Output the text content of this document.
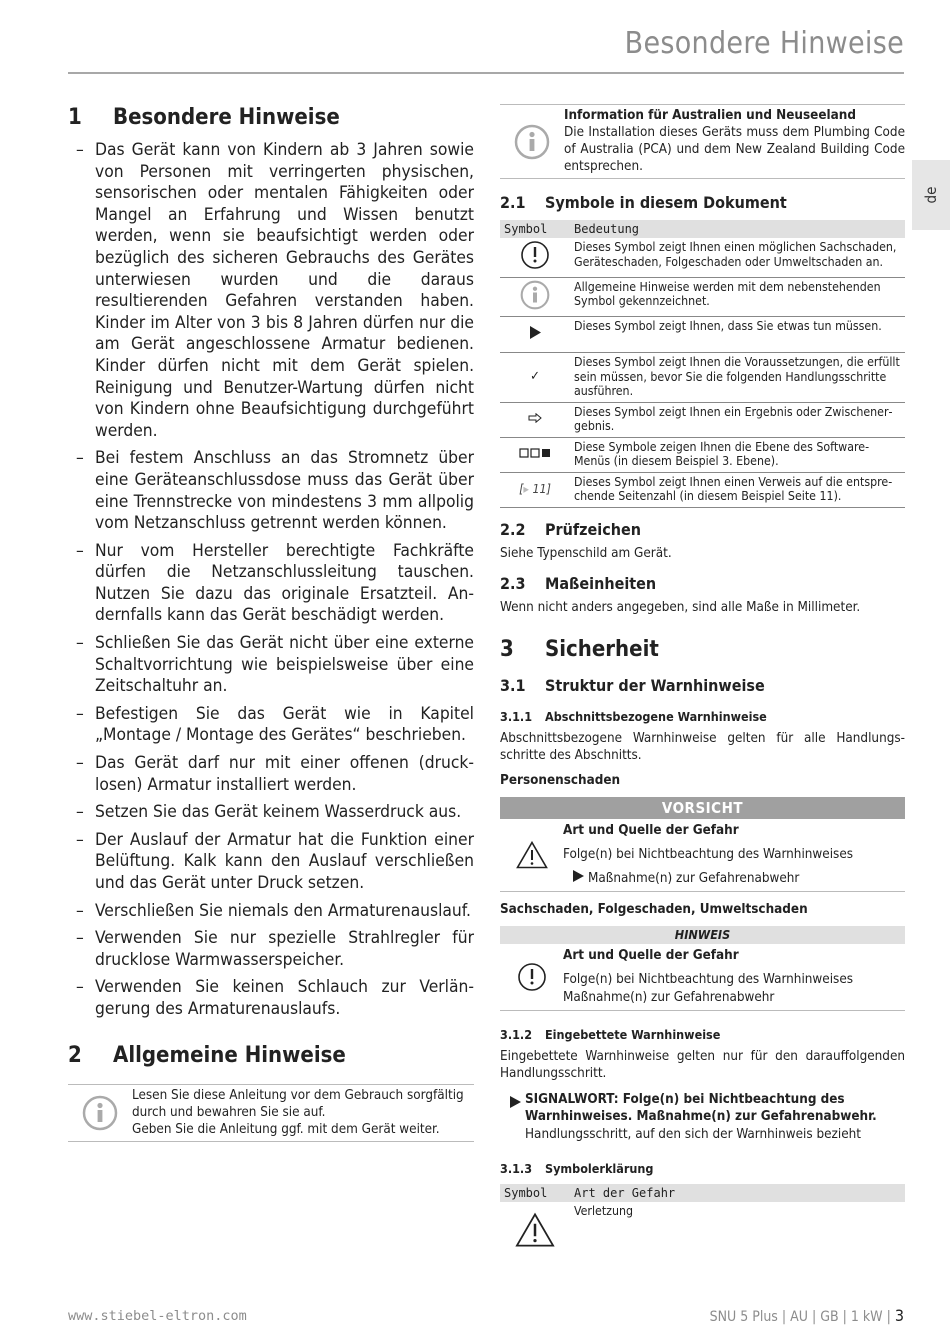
Besondere Hinweise
de
1	Besondere Hinweise
– Das Gerät kann von Kindern ab 3 Jahren sowie von Personen mit verringerten physischen, sensorischen oder mentalen Fähigkeiten oder Mangel an Erfahrung und Wissen benutzt werden, wenn sie beaufsichtigt werden oder bezüglich des sicheren Gebrauchs des Gerätes unterwiesen wurden und die daraus resultierenden Gefahren verstanden haben. Kinder im Alter von 3 bis 8 Jahren dürfen nur die am Gerät angeschlossene Armatur bedienen. Kinder dürfen nicht mit dem Gerät spielen. Reinigung und Benutzer-Wartung dürfen nicht von Kindern ohne Beaufsichtigung durchgeführt werden.
– Bei festem Anschluss an das Stromnetz über eine Geräteanschlussdose muss das Gerät über eine Trennstrecke von mindestens 3 mm allpolig vom Netzanschluss getrennt werden können.
– Nur vom Hersteller berechtigte Fachkräfte dürfen die Netzanschlussleitung tauschen. Nutzen Sie dazu das originale Ersatzteil. Andernfalls kann das Gerät beschädigt werden.
– Schließen Sie das Gerät nicht über eine externe Schaltvorrichtung wie beispielsweise über eine Zeitschaltuhr an.
– Befestigen Sie das Gerät wie in Kapitel „Montage / Montage des Gerätes“ beschrieben.
– Das Gerät darf nur mit einer offenen (drucklosen) Armatur installiert werden.
– Setzen Sie das Gerät keinem Wasserdruck aus.
– Der Auslauf der Armatur hat die Funktion einer Belüftung. Kalk kann den Auslauf verschließen und das Gerät unter Druck setzen.
– Verschließen Sie niemals den Armaturenauslauf.
– Verwenden Sie nur spezielle Strahlregler für drucklose Warmwasserspeicher.
– Verwenden Sie keinen Schlauch zur Verlängerung des Armaturenauslaufs.
2	Allgemeine Hinweise
Lesen Sie diese Anleitung vor dem Gebrauch sorgfältig durch und bewahren Sie sie auf.
Geben Sie die Anleitung ggf. mit dem Gerät weiter.
Information für Australien und Neuseeland
Die Installation dieses Geräts muss dem Plumbing Code of Australia (PCA) und dem New Zealand Building Code entsprechen.
2.1	Symbole in diesem Dokument
Symbol	Bedeutung
	Dieses Symbol zeigt Ihnen einen möglichen Sachschaden, Geräteschaden, Folgeschaden oder Umweltschaden an.
	Allgemeine Hinweise werden mit dem nebenstehenden Symbol gekennzeichnet.
	Dieses Symbol zeigt Ihnen, dass Sie etwas tun müssen.
✓	Dieses Symbol zeigt Ihnen die Voraussetzungen, die erfüllt sein müssen, bevor Sie die folgenden Handlungsschritte ausführen.
	Dieses Symbol zeigt Ihnen ein Ergebnis oder Zwischenergebnis.
	Diese Symbole zeigen Ihnen die Ebene des Software-Menüs (in diesem Beispiel 3. Ebene).
[▸ 11]	Dieses Symbol zeigt Ihnen einen Verweis auf die entsprechende Seitenzahl (in diesem Beispiel Seite 11).
2.2	Prüfzeichen
Siehe Typenschild am Gerät.
2.3	Maßeinheiten
Wenn nicht anders angegeben, sind alle Maße in Millimeter.
3	Sicherheit
3.1	Struktur der Warnhinweise
3.1.1	Abschnittsbezogene Warnhinweise
Abschnittsbezogene Warnhinweise gelten für alle Handlungsschritte des Abschnitts.
Personenschaden
VORSICHT
Art und Quelle der Gefahr
Folge(n) bei Nichtbeachtung des Warnhinweises
Maßnahme(n) zur Gefahrenabwehr
Sachschaden, Folgeschaden, Umweltschaden
HINWEIS
Art und Quelle der Gefahr
Folge(n) bei Nichtbeachtung des Warnhinweises
Maßnahme(n) zur Gefahrenabwehr
3.1.2	Eingebettete Warnhinweise
Eingebettete Warnhinweise gelten nur für den darauffolgenden Handlungsschritt.
SIGNALWORT: Folge(n) bei Nichtbeachtung des Warnhinweises. Maßnahme(n) zur Gefahrenabwehr. Handlungsschritt, auf den sich der Warnhinweis bezieht
3.1.3	Symbolerklärung
Symbol	Art der Gefahr
	Verletzung
www.stiebel-eltron.com	SNU 5 Plus | AU | GB | 1 kW | 3
